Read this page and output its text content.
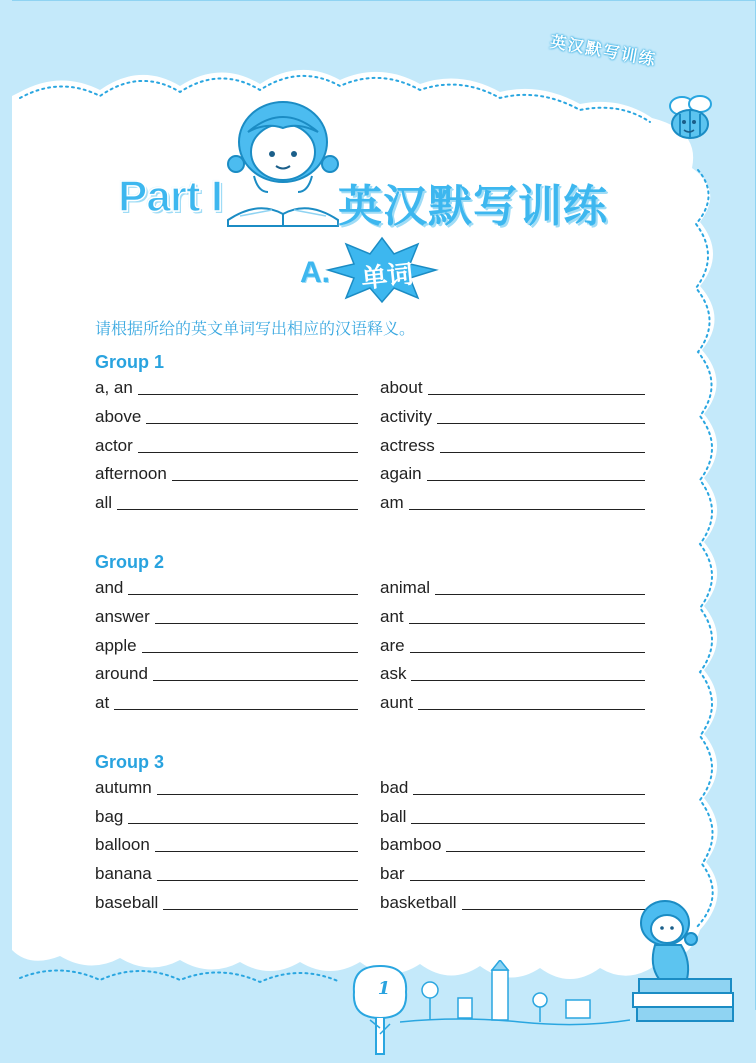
英汉默写训练
Part I	英汉默写训练
A.	单词
请根据所给的英文单词写出相应的汉语释义。
Group 1
a, an	about
above	activity
actor	actress
afternoon	again
all	am
Group 2
and	animal
answer	ant
apple	are
around	ask
at	aunt
Group 3
autumn	bad
bag	ball
balloon	bamboo
banana	bar
baseball	basketball
1
